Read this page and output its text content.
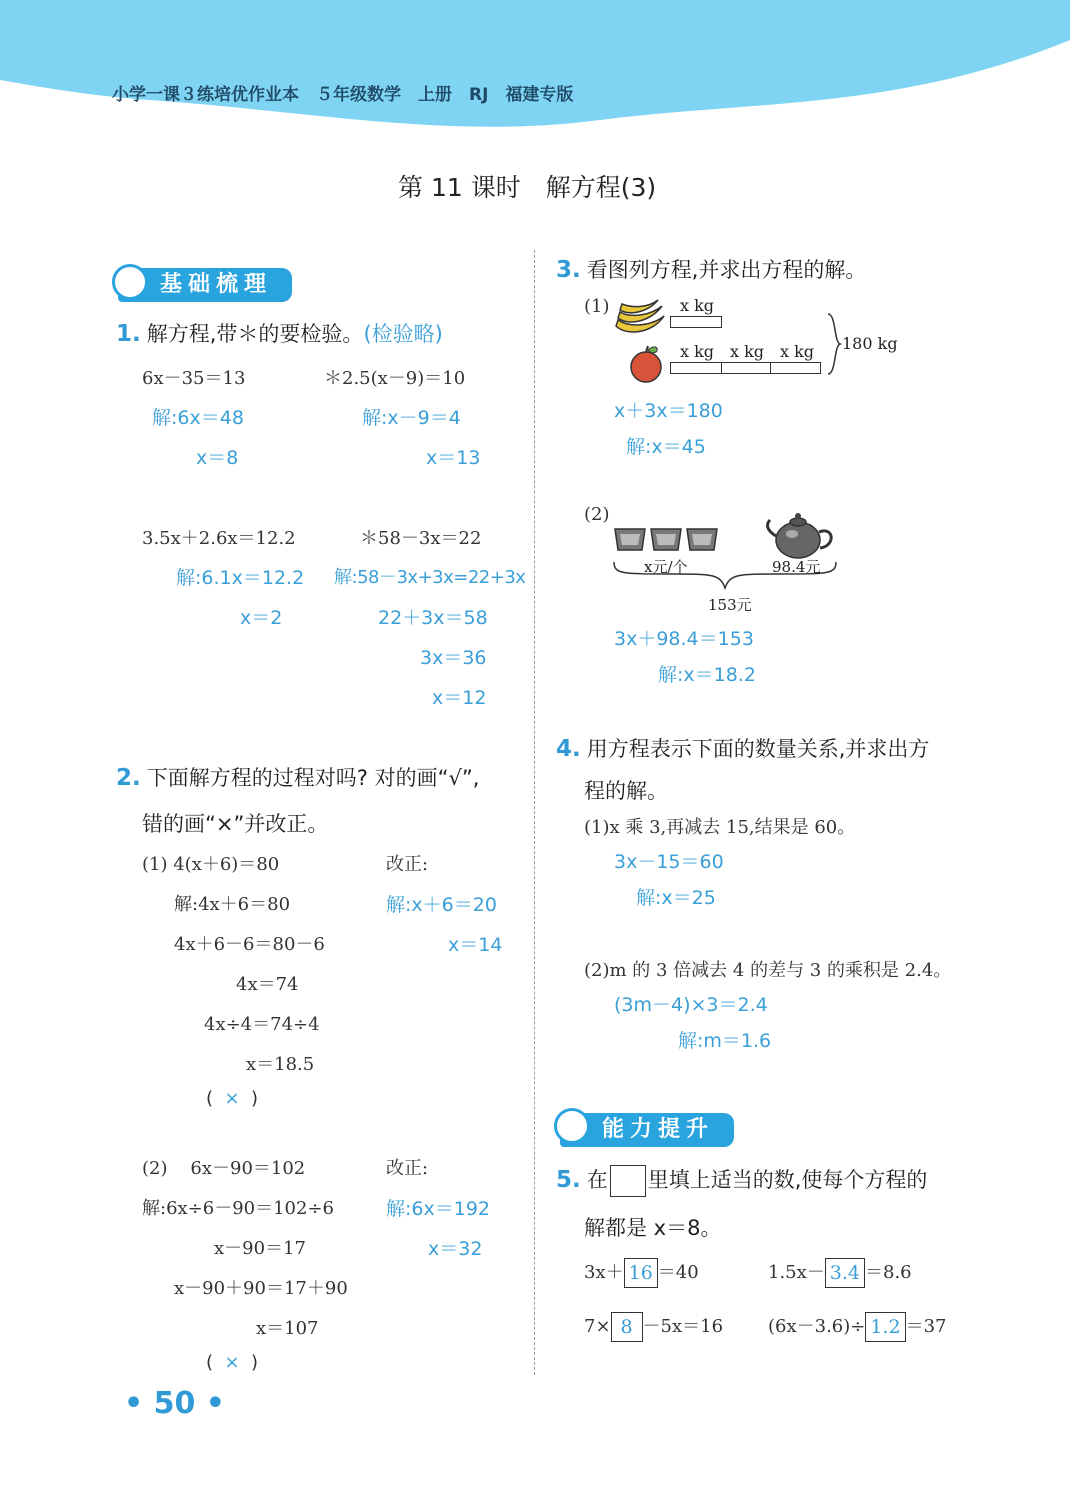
小学一课３练培优作业本　５年级数学　上册　RJ　福建专版
第 11 课时　解方程(3)
基础梳理
1. 解方程,带＊的要检验。(检验略)
6x－35＝13
解:6x＝48
x＝8
＊2.5(x－9)＝10
解:x－9＝4
x＝13
3.5x＋2.6x＝12.2
解:6.1x＝12.2
x＝2
＊58－3x＝22
解:58－3x+3x=22+3x
22＋3x＝58
3x＝36
x＝12
2. 下面解方程的过程对吗? 对的画“√”,
错的画“×”并改正。
(1) 4(x＋6)＝80	改正:
解:4x＋6＝80
4x＋6－6＝80－6
4x＝74
4x÷4＝74÷4
x＝18.5
( × )
解:x＋6＝20
x＝14
(2) 6x－90＝102	改正:
解:6x÷6－90＝102÷6
x－90＝17
x－90＋90＝17＋90
x＝107
( × )
解:6x＝192
x＝32
3. 看图列方程,并求出方程的解。
(1)	x kg
x kg x kg x kg 180 kg
x＋3x＝180
解:x＝45
(2)
x元/个	98.4元
153元
3x＋98.4＝153
解:x＝18.2
4. 用方程表示下面的数量关系,并求出方
程的解。
(1)x 乘 3,再减去 15,结果是 60。
3x－15＝60
解:x＝25
(2)m 的 3 倍减去 4 的差与 3 的乘积是 2.4。
(3m－4)×3＝2.4
解:m＝1.6
能力提升
5. 在 里填上适当的数,使每个方程的
解都是 x＝8。
3x＋ 16 ＝40	1.5x－ 3.4 ＝8.6
7× 8 －5x＝16 (6x－3.6)÷ 1.2 ＝37
• 50 •
